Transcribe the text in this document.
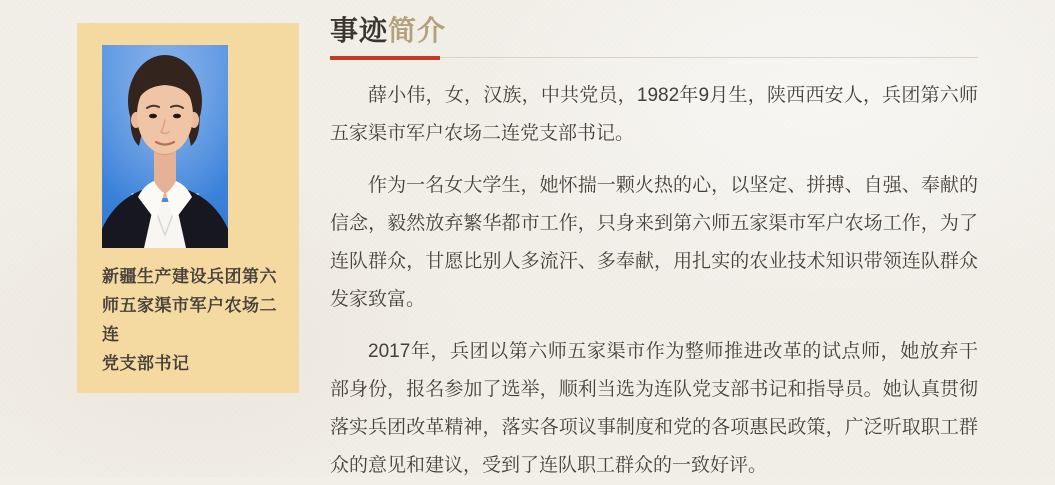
新疆生产建设兵团第六师五家渠市军户农场二连
党支部书记
事迹简介

薛小伟，女，汉族，中共党员，1982年9月生，陕西西安人，兵团第六师五家渠市军户农场二连党支部书记。

作为一名女大学生，她怀揣一颗火热的心，以坚定、拼搏、自强、奉献的信念，毅然放弃繁华都市工作，只身来到第六师五家渠市军户农场工作，为了连队群众，甘愿比别人多流汗、多奉献，用扎实的农业技术知识带领连队群众发家致富。

2017年，兵团以第六师五家渠市作为整师推进改革的试点师，她放弃干部身份，报名参加了选举，顺利当选为连队党支部书记和指导员。她认真贯彻落实兵团改革精神，落实各项议事制度和党的各项惠民政策，广泛听取职工群众的意见和建议，受到了连队职工群众的一致好评。
